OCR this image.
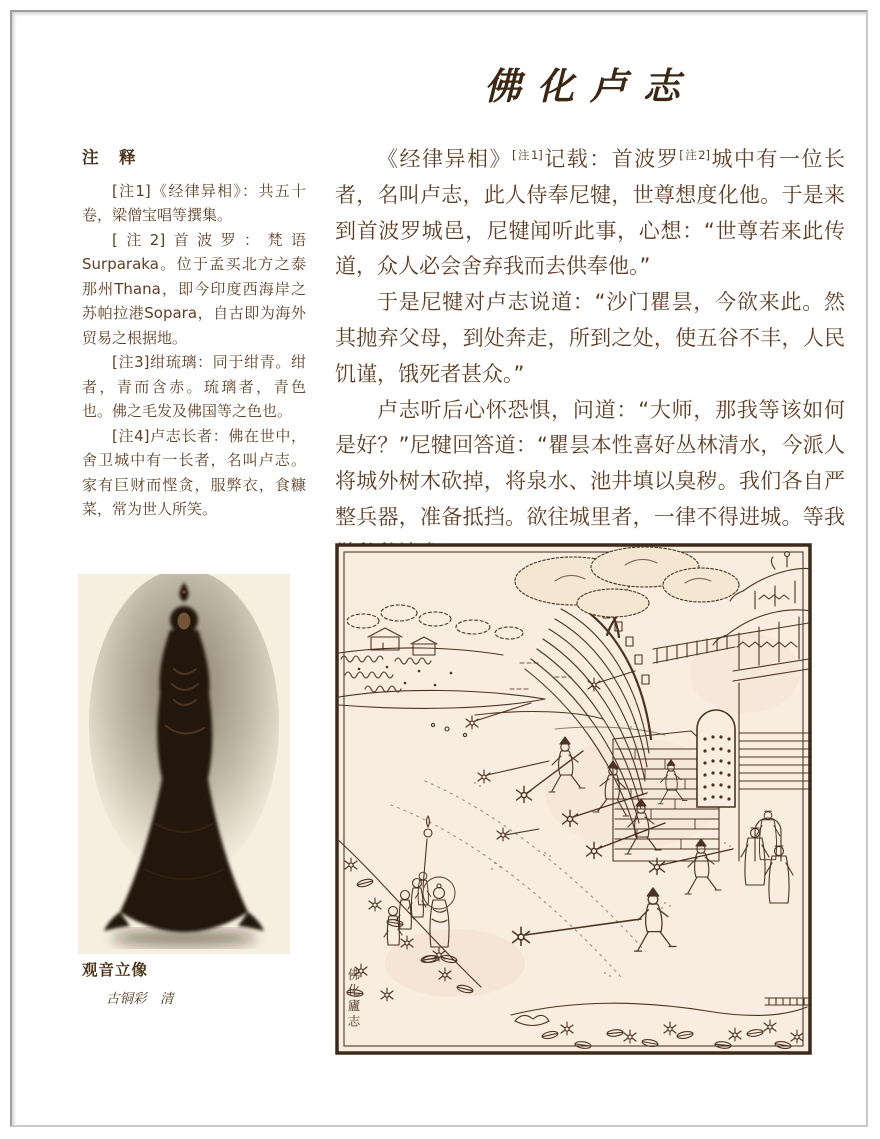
佛化卢志
注　释

[注1]《经律异相》：共五十卷，梁僧宝唱等撰集。

[注2]首波罗：梵语Surparaka。位于孟买北方之泰那州Thana，即今印度西海岸之苏帕拉港Sopara，自古即为海外贸易之根据地。

[注3]绀琉璃：同于绀青。绀者，青而含赤。琉璃者，青色也。佛之毛发及佛国等之色也。

[注4]卢志长者：佛在世中，舍卫城中有一长者，名叫卢志。家有巨财而悭贪，服弊衣，食糠菜，常为世人所笑。

观音立像
古铜彩　清

《经律异相》[注1]记载：首波罗[注2]城中有一位长者，名叫卢志，此人侍奉尼犍，世尊想度化他。于是来到首波罗城邑，尼犍闻听此事，心想：“世尊若来此传道，众人必会舍弃我而去供奉他。”

于是尼犍对卢志说道：“沙门瞿昙，今欲来此。然其抛弃父母，到处奔走，所到之处，使五谷不丰，人民饥谨，饿死者甚众。”

卢志听后心怀恐惧，问道：“大师，那我等该如何是好？”尼犍回答道：“瞿昙本性喜好丛林清水，今派人将城外树木砍掉，将泉水、池井填以臭秽。我们各自严整兵器，准备抵挡。欲往城里者，一律不得进城。等我

佛化廬志
